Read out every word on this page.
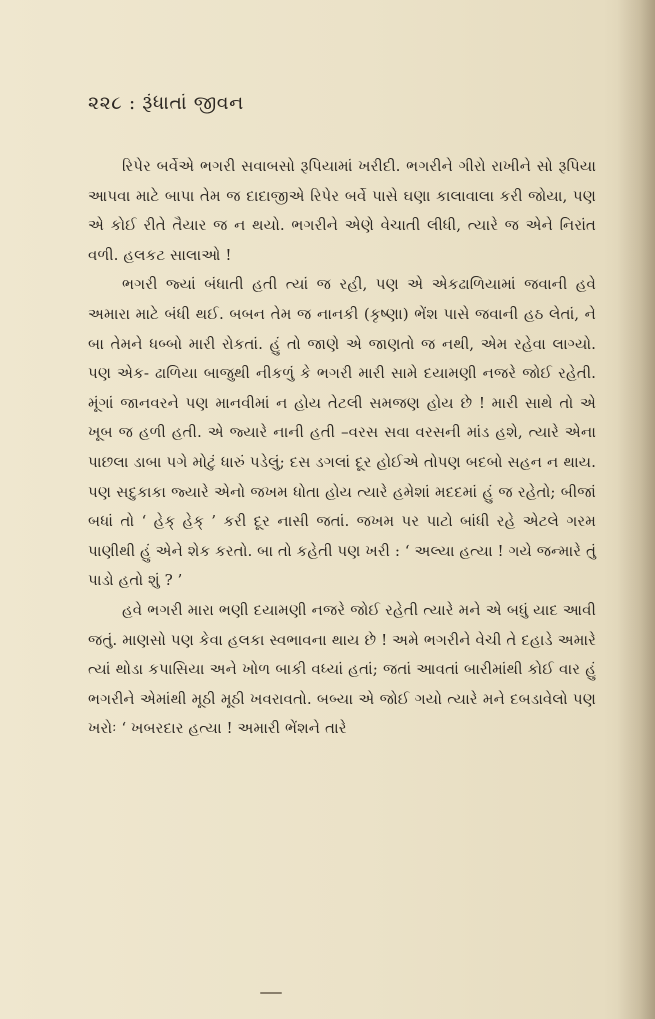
૨૨૮ : રૂંધાતાં જીવન

રિપેર બર્વેએ ભગરી સવાબસો રૂપિયામાં ખરીદી. ભગરીને ગીરો રાખીને સો રૂપિયા આપવા માટે બાપા તેમ જ દાદાજીએ રિપેર બર્વે પાસે ઘણા કાલાવાલા કરી જોયા, પણ એ કોઈ રીતે તૈયાર જ ન થયો. ભગરીને એણે વેચાતી લીધી, ત્યારે જ એને નિરાંત વળી. હલકટ સાલાઓ !

ભગરી જ્યાં બંધાતી હતી ત્યાં જ રહી, પણ એ એકઢાળિયામાં જવાની હવે અમારા માટે બંધી થઈ. બબન તેમ જ નાનકી (કૃષ્ણા) ભેંશ પાસે જવાની હઠ લેતાં, ને બા તેમને ધબ્બો મારી રોકતાં. હું તો જાણે એ જાણતો જ નથી, એમ રહેવા લાગ્યો. પણ એક- ઢાળિયા બાજુથી નીકળું કે ભગરી મારી સામે દયામણી નજરે જોઈ રહેતી. મૂંગાં જાનવરને પણ માનવીમાં ન હોય તેટલી સમજણ હોય છે ! મારી સાથે તો એ ખૂબ જ હળી હતી. એ જ્યારે નાની હતી –વરસ સવા વરસની માંડ હશે, ત્યારે એના પાછલા ડાબા પગે મોટું ધારું પડેલું; દસ ડગલાં દૂર હોઈએ તોપણ બદબો સહન ન થાય. પણ સદુકાકા જ્યારે એનો જખમ ધોતા હોય ત્યારે હમેશાં મદદમાં હું જ રહેતો; બીજાં બધાં તો ‘ હેક્ હેક્ ’ કરી દૂર નાસી જતાં. જખમ પર પાટો બાંધી રહે એટલે ગરમ પાણીથી હું એને શેક કરતો. બા તો કહેતી પણ ખરી : ‘ અલ્યા હત્યા ! ગયે જન્મારે તું પાડો હતો શું ? ’

હવે ભગરી મારા ભણી દયામણી નજરે જોઈ રહેતી ત્યારે મને એ બધું યાદ આવી જતું. માણસો પણ કેવા હલકા સ્વભાવના થાય છે ! અમે ભગરીને વેચી તે દહાડે અમારે ત્યાં થોડા કપાસિયા અને ખોળ બાકી વધ્યાં હતાં; જતાં આવતાં બારીમાંથી કોઈ વાર હું ભગરીને એમાંથી મૂઠી મૂઠી ખવરાવતો. બબ્યા એ જોઈ ગયો ત્યારે મને દબડાવેલો પણ ખરોઃ ‘ ખબરદાર હત્યા ! અમારી ભેંશને તારે
